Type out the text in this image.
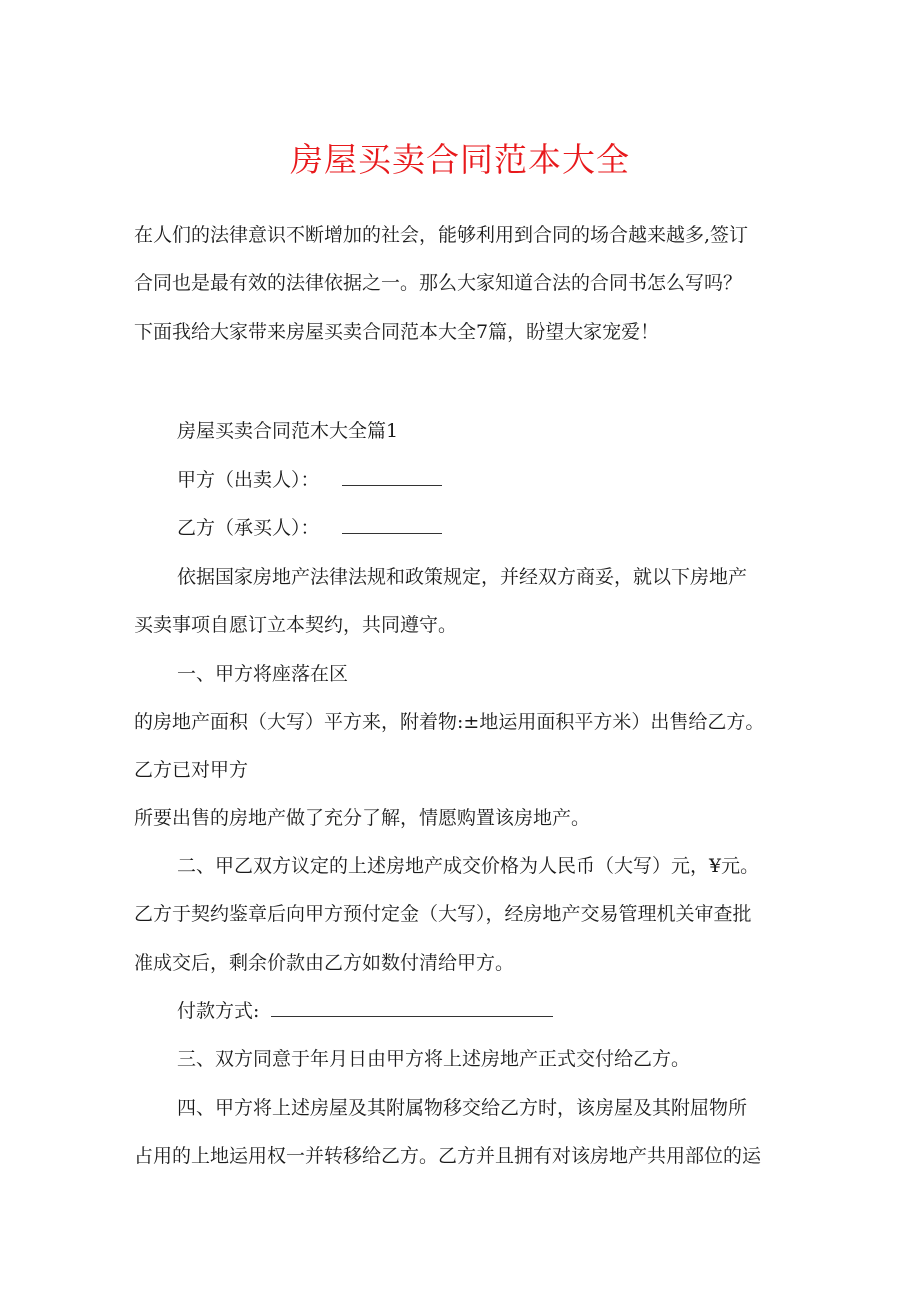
房屋买卖合同范本大全
在人们的法律意识不断增加的社会，能够利用到合同的场合越来越多,签订
合同也是最有效的法律依据之一。那么大家知道合法的合同书怎么写吗？
下面我给大家带来房屋买卖合同范本大全7篇，盼望大家宠爱！
房屋买卖合同范木大全篇1
甲方（出卖人）：
乙方（承买人）：
依据国家房地产法律法规和政策规定，并经双方商妥，就以下房地产
买卖事项自愿订立本契约，共同遵守。
一、甲方将座落在区
的房地产面积（大写）平方来，附着物:±地运用面积平方米）出售给乙方。
乙方已对甲方
所要出售的房地产做了充分了解，情愿购置该房地产。
二、甲乙双方议定的上述房地产成交价格为人民币（大写）元，¥元。
乙方于契约鉴章后向甲方预付定金（大写），经房地产交易管理机关审查批
准成交后，剩余价款由乙方如数付清给甲方。
付款方式:
三、双方同意于年月日由甲方将上述房地产正式交付给乙方。
四、甲方将上述房屋及其附属物移交给乙方时，该房屋及其附屈物所
占用的上地运用权一并转移给乙方。乙方并且拥有对该房地产共用部位的运
